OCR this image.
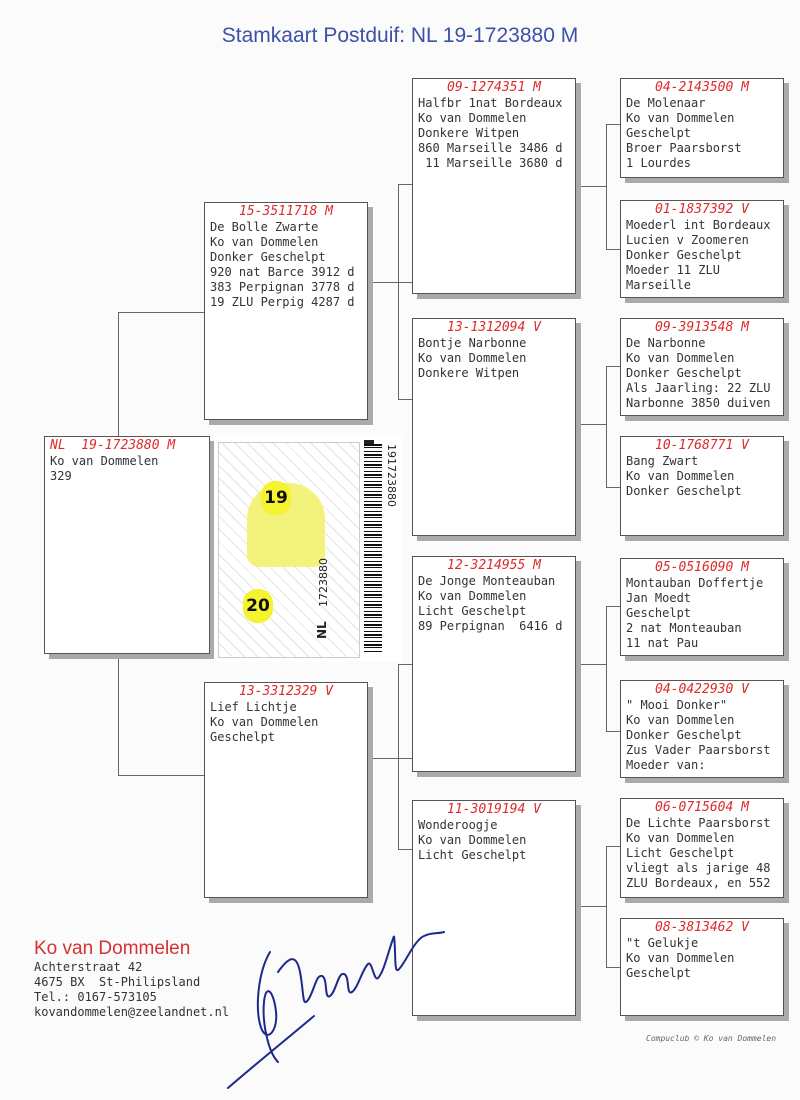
Stamkaart Postduif: NL 19-1723880 M
NL  19-1723880 M
Ko van Dommelen
329
15-3511718 M
De Bolle Zwarte
Ko van Dommelen
Donker Geschelpt
920 nat Barce 3912 d
383 Perpignan 3778 d
19 ZLU Perpig 4287 d
13-3312329 V
Lief Lichtje
Ko van Dommelen
Geschelpt
09-1274351 M
Halfbr 1nat Bordeaux
Ko van Dommelen
Donkere Witpen
860 Marseille 3486 d
11 Marseille 3680 d
13-1312094 V
Bontje Narbonne
Ko van Dommelen
Donkere Witpen
12-3214955 M
De Jonge Monteauban
Ko van Dommelen
Licht Geschelpt
89 Perpignan  6416 d
11-3019194 V
Wonderoogje
Ko van Dommelen
Licht Geschelpt
04-2143500 M
De Molenaar
Ko van Dommelen
Geschelpt
Broer Paarsborst
1 Lourdes
01-1837392 V
Moederl int Bordeaux
Lucien v Zoomeren
Donker Geschelpt
Moeder 11 ZLU
Marseille
09-3913548 M
De Narbonne
Ko van Dommelen
Donker Geschelpt
Als Jaarling: 22 ZLU
Narbonne 3850 duiven
10-1768771 V
Bang Zwart
Ko van Dommelen
Donker Geschelpt
05-0516090 M
Montauban Doffertje
Jan Moedt
Geschelpt
2 nat Monteauban
11 nat Pau
04-0422930 V
" Mooi Donker"
Ko van Dommelen
Donker Geschelpt
Zus Vader Paarsborst
Moeder van:
06-0715604 M
De Lichte Paarsborst
Ko van Dommelen
Licht Geschelpt
vliegt als jarige 48
ZLU Bordeaux, en 552
08-3813462 V
"t Gelukje
Ko van Dommelen
Geschelpt
19
20	1723880
NL
191723880
Ko van Dommelen
Achterstraat 42
4675 BX  St-Philipsland
Tel.: 0167-573105
kovandommelen@zeelandnet.nl
Compuclub © Ko van Dommelen
